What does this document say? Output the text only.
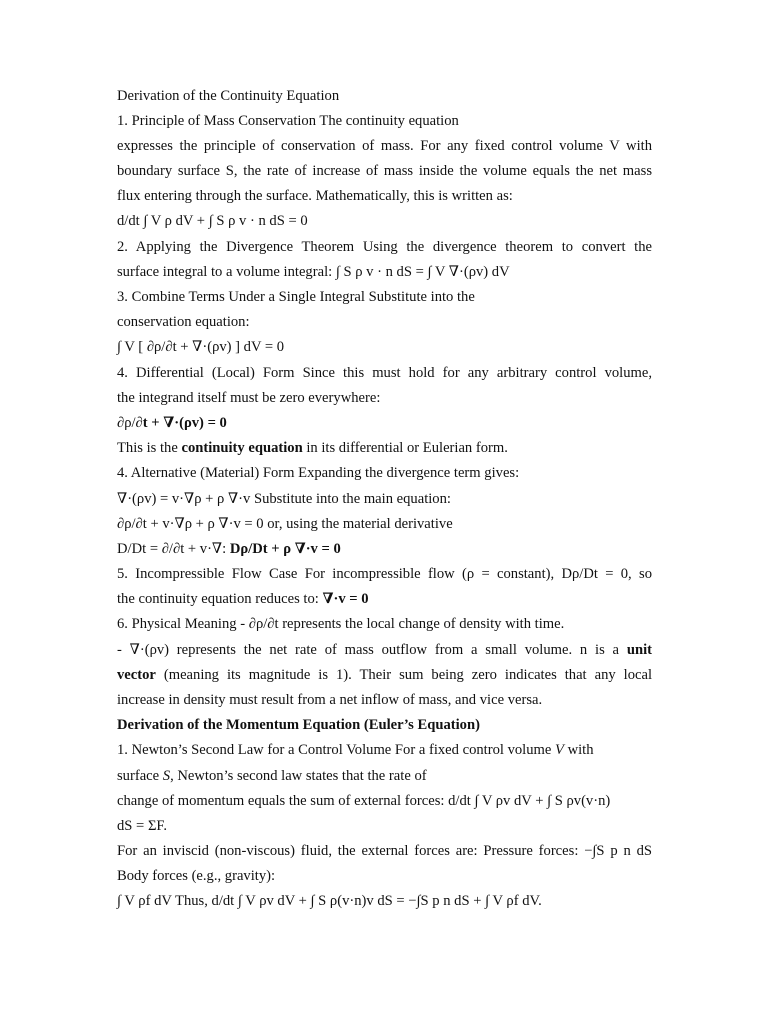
Derivation of the Continuity Equation
1. Principle of Mass Conservation The continuity equation
expresses the principle of conservation of mass. For any fixed control volume V with
boundary surface S, the rate of increase of mass inside the volume equals the net mass
flux entering through the surface. Mathematically, this is written as:
d/dt ∫ V ρ dV + ∫ S ρ v · n dS = 0
2. Applying the Divergence Theorem Using the divergence theorem to convert the
surface integral to a volume integral: ∫ S ρ v · n dS = ∫ V ∇·(ρv) dV
3. Combine Terms Under a Single Integral Substitute into the
conservation equation:
∫ V [ ∂ρ/∂t + ∇·(ρv) ] dV = 0
4. Differential (Local) Form Since this must hold for any arbitrary control volume,
the integrand itself must be zero everywhere:
∂ρ/∂t + ∇·(ρv) = 0
This is the continuity equation in its differential or Eulerian form.
4. Alternative (Material) Form Expanding the divergence term gives:
∇·(ρv) = v·∇ρ + ρ ∇·v Substitute into the main equation:
∂ρ/∂t + v·∇ρ + ρ ∇·v = 0 or, using the material derivative
D/Dt = ∂/∂t + v·∇: Dρ/Dt + ρ ∇·v = 0
5. Incompressible Flow Case For incompressible flow (ρ = constant), Dρ/Dt = 0, so
the continuity equation reduces to: ∇·v = 0
6. Physical Meaning - ∂ρ/∂t represents the local change of density with time.
- ∇·(ρv) represents the net rate of mass outflow from a small volume. n is a unit
vector (meaning its magnitude is 1). Their sum being zero indicates that any local
increase in density must result from a net inflow of mass, and vice versa.
Derivation of the Momentum Equation (Euler’s Equation)
1. Newton’s Second Law for a Control Volume For a fixed control volume V with
surface S, Newton’s second law states that the rate of
change of momentum equals the sum of external forces: d/dt ∫ V ρv dV + ∫ S ρv(v·n)
dS = ΣF.
For an inviscid (non-viscous) fluid, the external forces are: Pressure forces: −∫S p n dS
Body forces (e.g., gravity):
∫ V ρf dV Thus, d/dt ∫ V ρv dV + ∫ S ρ(v·n)v dS = −∫S p n dS + ∫ V ρf dV.
